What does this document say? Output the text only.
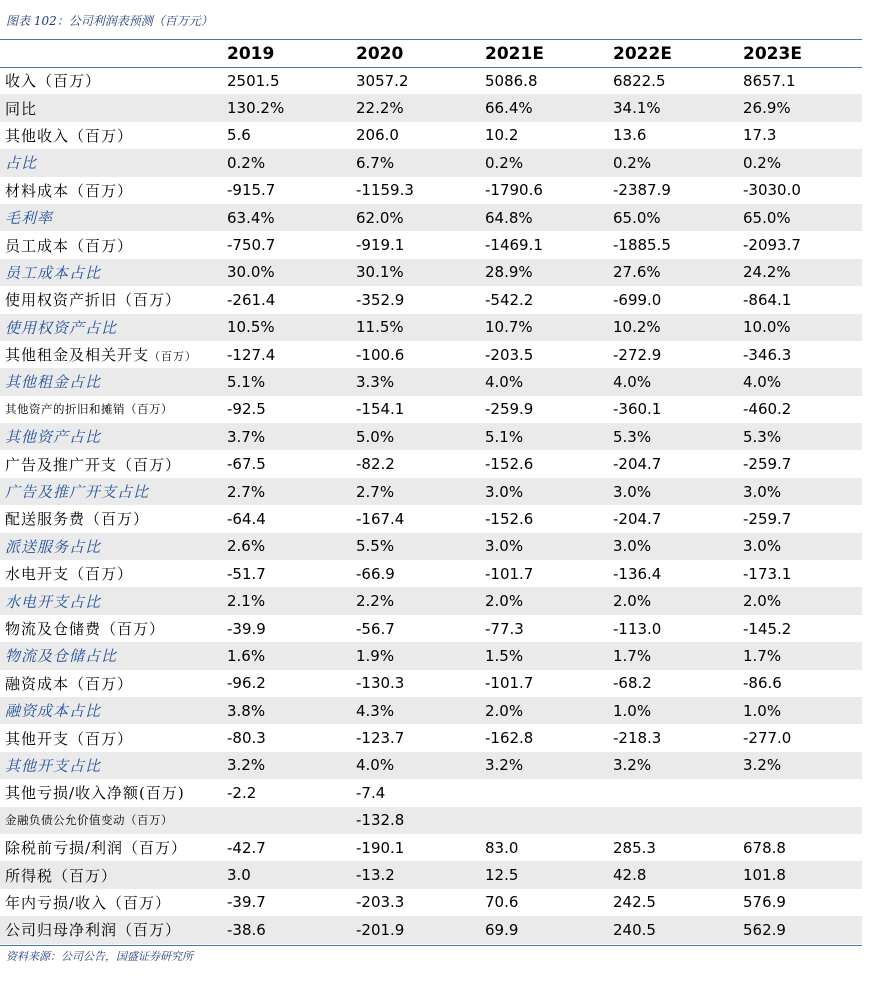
图表 102：公司利润表预测（百万元）
	2019	2020	2021E	2022E	2023E
收入（百万）	2501.5	3057.2	5086.8	6822.5	8657.1
同比	130.2%	22.2%	66.4%	34.1%	26.9%
其他收入（百万）	5.6	206.0	10.2	13.6	17.3
占比	0.2%	6.7%	0.2%	0.2%	0.2%
材料成本（百万）	-915.7	-1159.3	-1790.6	-2387.9	-3030.0
毛利率	63.4%	62.0%	64.8%	65.0%	65.0%
员工成本（百万）	-750.7	-919.1	-1469.1	-1885.5	-2093.7
员工成本占比	30.0%	30.1%	28.9%	27.6%	24.2%
使用权资产折旧（百万）	-261.4	-352.9	-542.2	-699.0	-864.1
使用权资产占比	10.5%	11.5%	10.7%	10.2%	10.0%
其他租金及相关开支（百万）	-127.4	-100.6	-203.5	-272.9	-346.3
其他租金占比	5.1%	3.3%	4.0%	4.0%	4.0%
其他资产的折旧和摊销（百万）	-92.5	-154.1	-259.9	-360.1	-460.2
其他资产占比	3.7%	5.0%	5.1%	5.3%	5.3%
广告及推广开支（百万）	-67.5	-82.2	-152.6	-204.7	-259.7
广告及推广开支占比	2.7%	2.7%	3.0%	3.0%	3.0%
配送服务费（百万）	-64.4	-167.4	-152.6	-204.7	-259.7
派送服务占比	2.6%	5.5%	3.0%	3.0%	3.0%
水电开支（百万）	-51.7	-66.9	-101.7	-136.4	-173.1
水电开支占比	2.1%	2.2%	2.0%	2.0%	2.0%
物流及仓储费（百万）	-39.9	-56.7	-77.3	-113.0	-145.2
物流及仓储占比	1.6%	1.9%	1.5%	1.7%	1.7%
融资成本（百万）	-96.2	-130.3	-101.7	-68.2	-86.6
融资成本占比	3.8%	4.3%	2.0%	1.0%	1.0%
其他开支（百万）	-80.3	-123.7	-162.8	-218.3	-277.0
其他开支占比	3.2%	4.0%	3.2%	3.2%	3.2%
其他亏损/收入净额(百万)	-2.2	-7.4			
金融负债公允价值变动（百万）		-132.8			
除税前亏损/利润（百万）	-42.7	-190.1	83.0	285.3	678.8
所得税（百万）	3.0	-13.2	12.5	42.8	101.8
年内亏损/收入（百万）	-39.7	-203.3	70.6	242.5	576.9
公司归母净利润（百万）	-38.6	-201.9	69.9	240.5	562.9
资料来源：公司公告，国盛证券研究所
